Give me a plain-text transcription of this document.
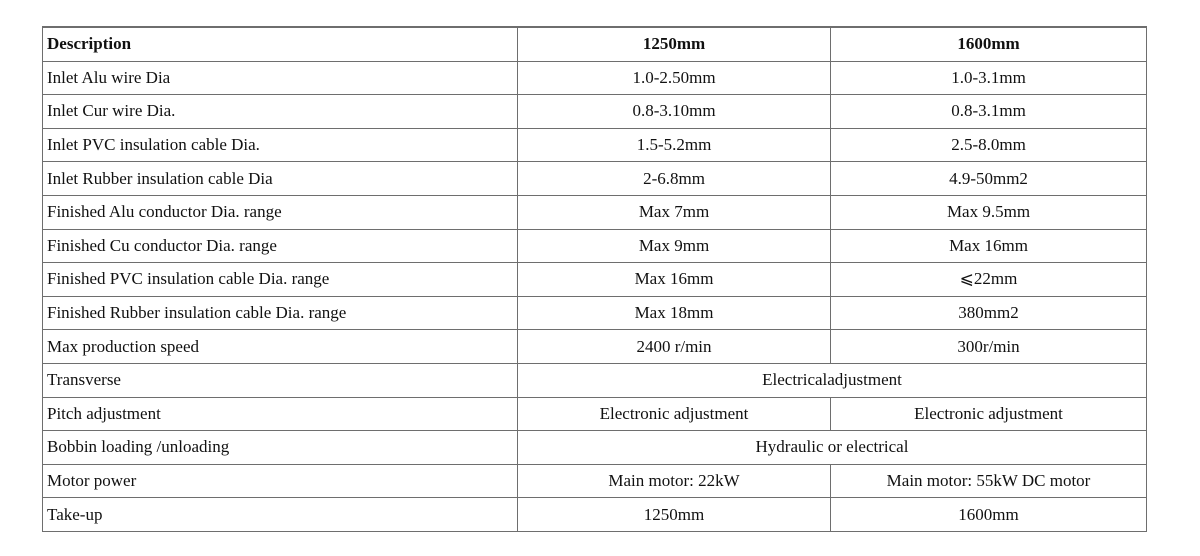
Description	1250mm	1600mm
Inlet Alu wire Dia	1.0-2.50mm	1.0-3.1mm
Inlet Cur wire Dia.	0.8-3.10mm	0.8-3.1mm
Inlet PVC insulation cable Dia.	1.5-5.2mm	2.5-8.0mm
Inlet Rubber insulation cable Dia	2-6.8mm	4.9-50mm2
Finished Alu conductor Dia. range	Max 7mm	Max 9.5mm
Finished Cu conductor Dia. range	Max 9mm	Max 16mm
Finished PVC insulation cable Dia. range	Max 16mm	⩽22mm
Finished Rubber insulation cable Dia. range	Max 18mm	380mm2
Max production speed	2400 r/min	300r/min
Transverse	Electricaladjustment	
Pitch adjustment	Electronic adjustment	Electronic adjustment
Bobbin loading /unloading	Hydraulic or electrical	
Motor power	Main motor: 22kW	Main motor: 55kW DC motor
Take-up	1250mm	1600mm
